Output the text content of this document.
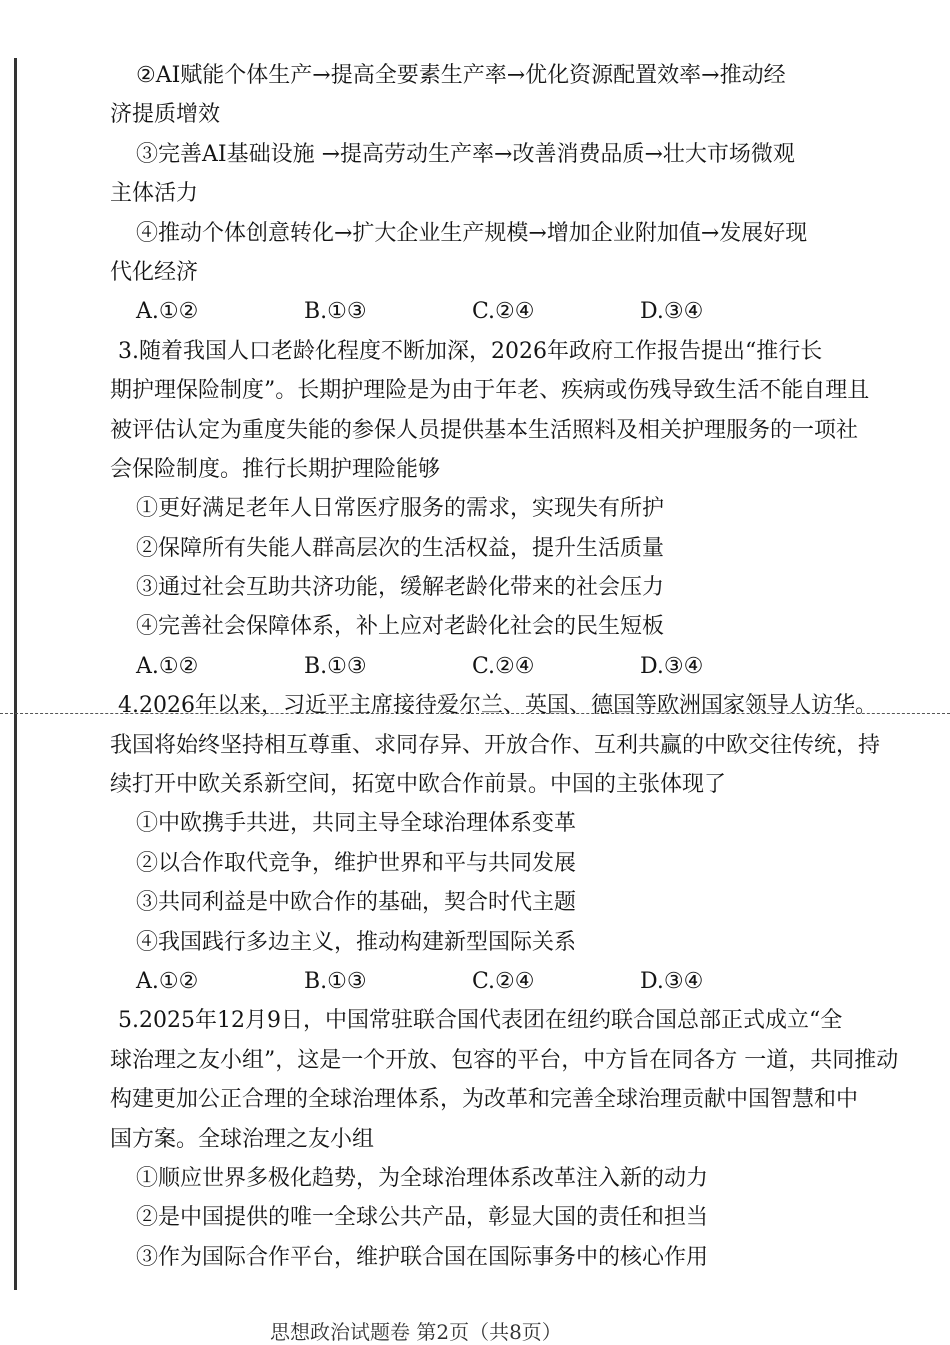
②AI赋能个体生产→提高全要素生产率→优化资源配置效率→推动经
济提质增效
③完善AI基础设施 →提高劳动生产率→改善消费品质→壮大市场微观
主体活力
④推动个体创意转化→扩大企业生产规模→增加企业附加值→发展好现
代化经济
A.①②	B.①③	C.②④	D.③④
3.随着我国人口老龄化程度不断加深，2026年政府工作报告提出“推行长
期护理保险制度”。长期护理险是为由于年老、疾病或伤残导致生活不能自理且
被评估认定为重度失能的参保人员提供基本生活照料及相关护理服务的一项社
会保险制度。推行长期护理险能够
①更好满足老年人日常医疗服务的需求，实现失有所护
②保障所有失能人群高层次的生活权益，提升生活质量
③通过社会互助共济功能，缓解老龄化带来的社会压力
④完善社会保障体系，补上应对老龄化社会的民生短板
A.①②	B.①③	C.②④	D.③④
4.2026年以来，习近平主席接待爱尔兰、英国、德国等欧洲国家领导人访华。
我国将始终坚持相互尊重、求同存异、开放合作、互利共赢的中欧交往传统，持
续打开中欧关系新空间，拓宽中欧合作前景。中国的主张体现了
①中欧携手共进，共同主导全球治理体系变革
②以合作取代竞争，维护世界和平与共同发展
③共同利益是中欧合作的基础，契合时代主题
④我国践行多边主义，推动构建新型国际关系
A.①②	B.①③	C.②④	D.③④
5.2025年12月9日，中国常驻联合国代表团在纽约联合国总部正式成立“全
球治理之友小组”，这是一个开放、包容的平台，中方旨在同各方 一道，共同推动
构建更加公正合理的全球治理体系，为改革和完善全球治理贡献中国智慧和中
国方案。全球治理之友小组
①顺应世界多极化趋势，为全球治理体系改革注入新的动力
②是中国提供的唯一全球公共产品，彰显大国的责任和担当
③作为国际合作平台，维护联合国在国际事务中的核心作用
思想政治试题卷 第2页（共8页）
